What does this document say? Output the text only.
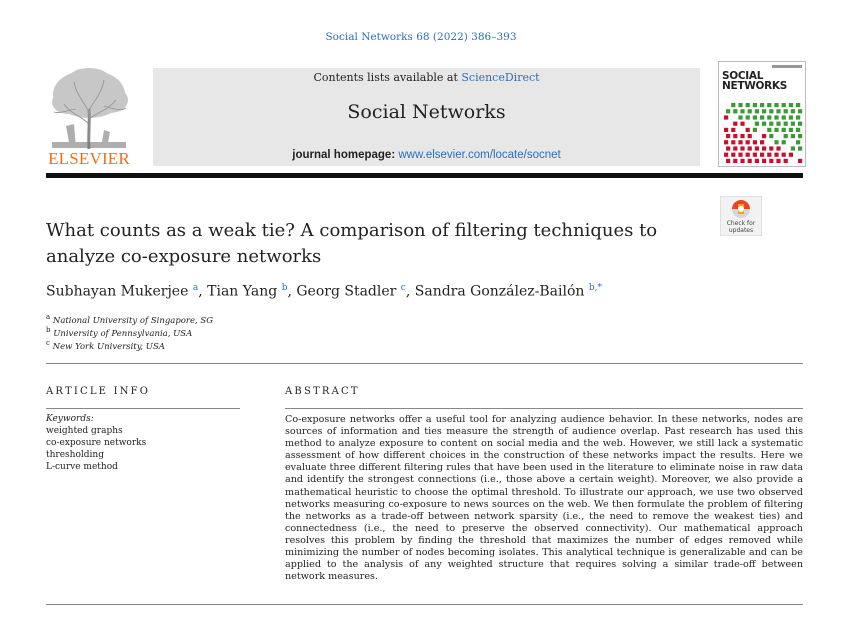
Social Networks 68 (2022) 386–393
ELSEVIER
Contents lists available at ScienceDirect
Social Networks
journal homepage: www.elsevier.com/locate/socnet
SOCIAL
NETWORKS
What counts as a weak tie? A comparison of filtering techniques to analyze co-exposure networks
Check for
updates
Subhayan Mukerjee $^a$, Tian Yang $^b$, Georg Stadler $^c$, Sandra González-Bailón $^{b,*}$
$^a$ National University of Singapore, SG
$^b$ University of Pennsylvania, USA
$^c$ New York University, USA
ARTICLE INFO	ABSTRACT
Keywords:
weighted graphs
co-exposure networks
thresholding
L-curve method
Co-exposure networks offer a useful tool for analyzing audience behavior. In these networks, nodes are sources of information and ties measure the strength of audience overlap. Past research has used this method to analyze exposure to content on social media and the web. However, we still lack a systematic assessment of how different choices in the construction of these networks impact the results. Here we evaluate three different filtering rules that have been used in the literature to eliminate noise in raw data and identify the strongest connections (i.e., those above a certain weight). Moreover, we also provide a mathematical heuristic to choose the optimal threshold. To illustrate our approach, we use two observed networks measuring co-exposure to news sources on the web. We then formulate the problem of filtering the networks as a trade-off between network sparsity (i.e., the need to remove the weakest ties) and connectedness (i.e., the need to preserve the observed connectivity). Our mathematical approach resolves this problem by finding the threshold that maximizes the number of edges removed while minimizing the number of nodes becoming isolates. This analytical technique is generalizable and can be applied to the analysis of any weighted structure that requires solving a similar trade-off between network measures.
